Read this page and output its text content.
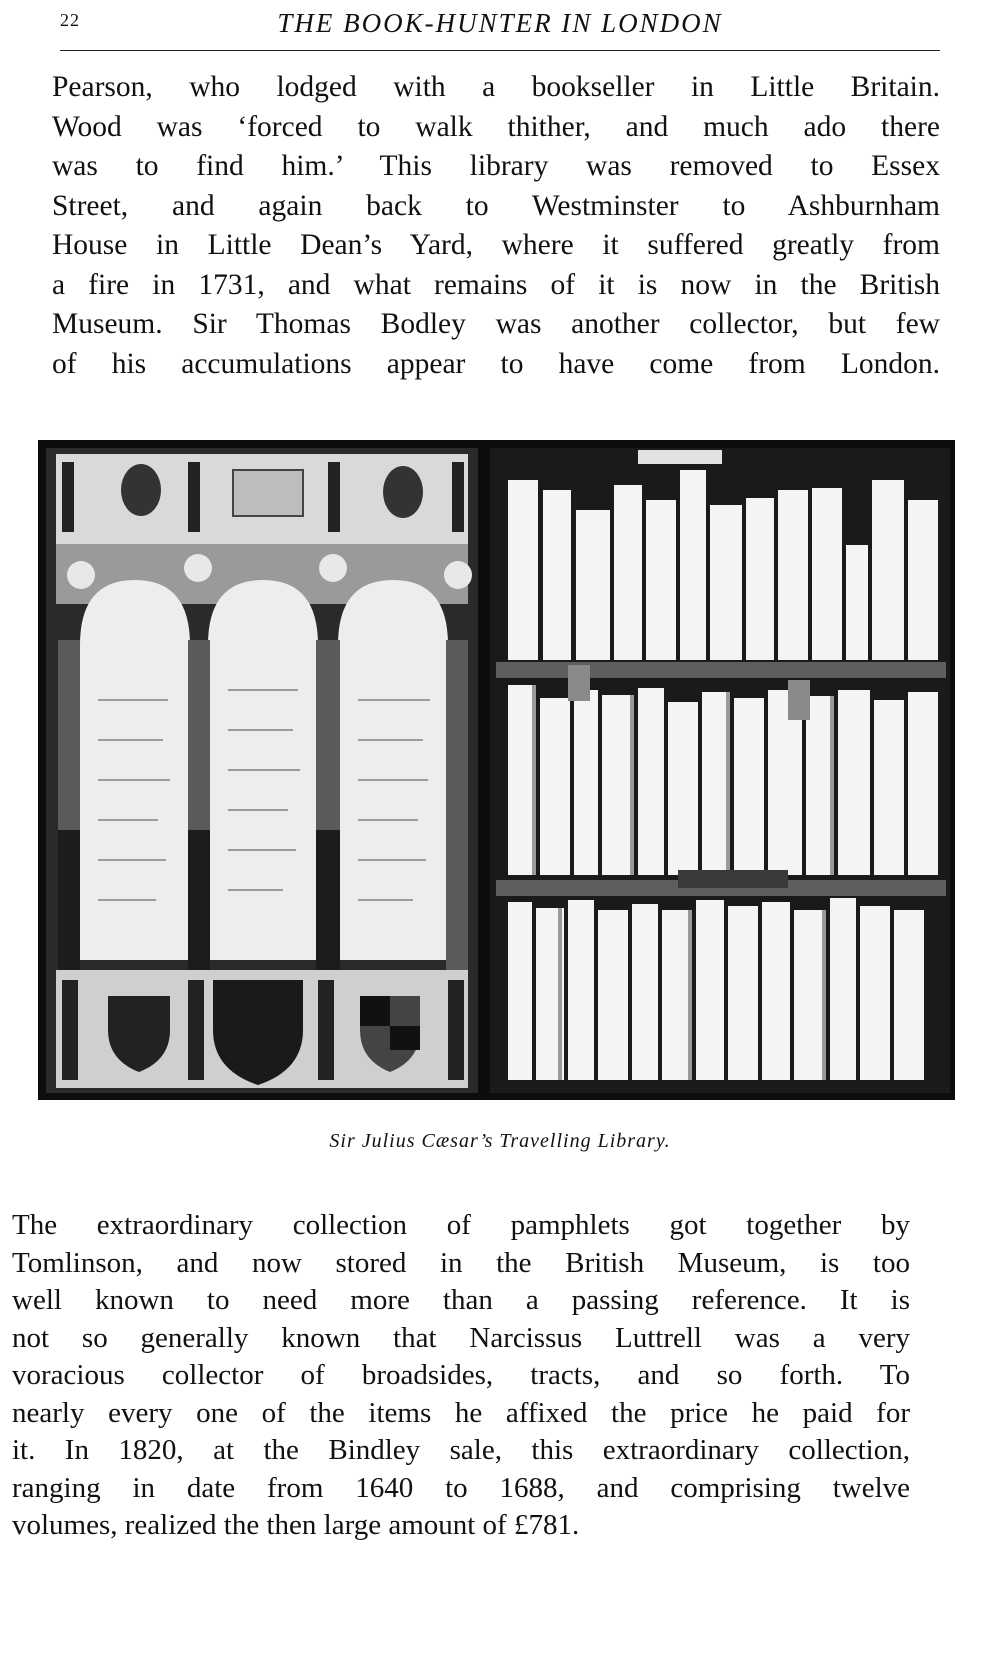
22	THE BOOK-HUNTER IN LONDON
Pearson, who lodged with a bookseller in Little Britain.
Wood was ‘forced to walk thither, and much ado there
was to find him.’ This library was removed to Essex
Street, and again back to Westminster to Ashburnham
House in Little Dean’s Yard, where it suffered greatly from
a fire in 1731, and what remains of it is now in the British
Museum. Sir Thomas Bodley was another collector, but few
of his accumulations appear to have come from London.
Sir Julius Cæsar’s Travelling Library.
The extraordinary collection of pamphlets got together by
Tomlinson, and now stored in the British Museum, is too
well known to need more than a passing reference. It is
not so generally known that Narcissus Luttrell was a very
voracious collector of broadsides, tracts, and so forth. To
nearly every one of the items he affixed the price he paid for
it. In 1820, at the Bindley sale, this extraordinary collection,
ranging in date from 1640 to 1688, and comprising twelve
volumes, realized the then large amount of £781.
